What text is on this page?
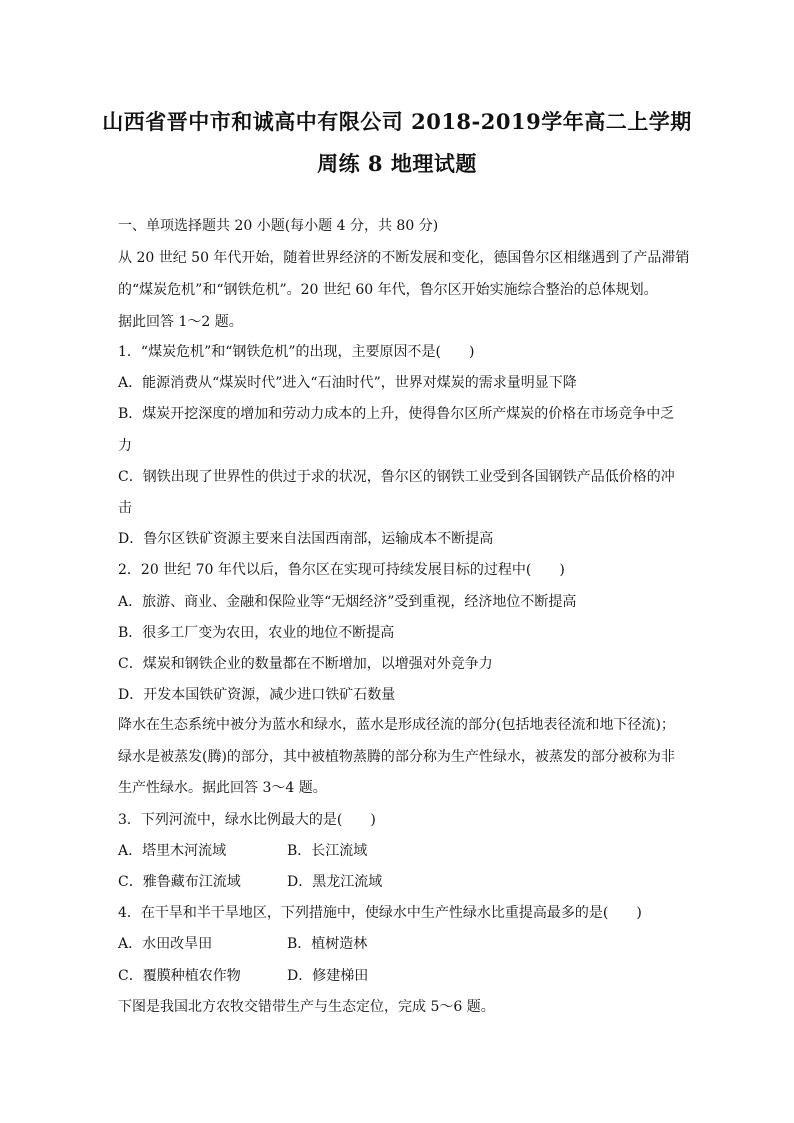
山西省晋中市和诚高中有限公司 2018-2019学年高二上学期
周练 8 地理试题
一、单项选择题共 20 小题(每小题 4 分，共 80 分)
从 20 世纪 50 年代开始，随着世界经济的不断发展和变化，德国鲁尔区相继遇到了产品滞销
的“煤炭危机”和“钢铁危机”。20 世纪 60 年代，鲁尔区开始实施综合整治的总体规划。
据此回答 1～2 题。
1．“煤炭危机”和“钢铁危机”的出现，主要原因不是(　　)
A．能源消费从“煤炭时代”进入“石油时代”，世界对煤炭的需求量明显下降
B．煤炭开挖深度的增加和劳动力成本的上升，使得鲁尔区所产煤炭的价格在市场竞争中乏
力
C．钢铁出现了世界性的供过于求的状况，鲁尔区的钢铁工业受到各国钢铁产品低价格的冲
击
D．鲁尔区铁矿资源主要来自法国西南部，运输成本不断提高
2．20 世纪 70 年代以后，鲁尔区在实现可持续发展目标的过程中(　　)
A．旅游、商业、金融和保险业等“无烟经济”受到重视，经济地位不断提高
B．很多工厂变为农田，农业的地位不断提高
C．煤炭和钢铁企业的数量都在不断增加，以增强对外竞争力
D．开发本国铁矿资源，减少进口铁矿石数量
降水在生态系统中被分为蓝水和绿水，蓝水是形成径流的部分(包括地表径流和地下径流)；
绿水是被蒸发(腾)的部分，其中被植物蒸腾的部分称为生产性绿水，被蒸发的部分被称为非
生产性绿水。据此回答 3～4 题。
3．下列河流中，绿水比例最大的是(　　)
A．塔里木河流域	B．长江流域
C．雅鲁藏布江流域	D．黑龙江流域
4．在干旱和半干旱地区，下列措施中，使绿水中生产性绿水比重提高最多的是(　　)
A．水田改旱田	B．植树造林
C．覆膜种植农作物	D．修建梯田
下图是我国北方农牧交错带生产与生态定位，完成 5～6 题。
